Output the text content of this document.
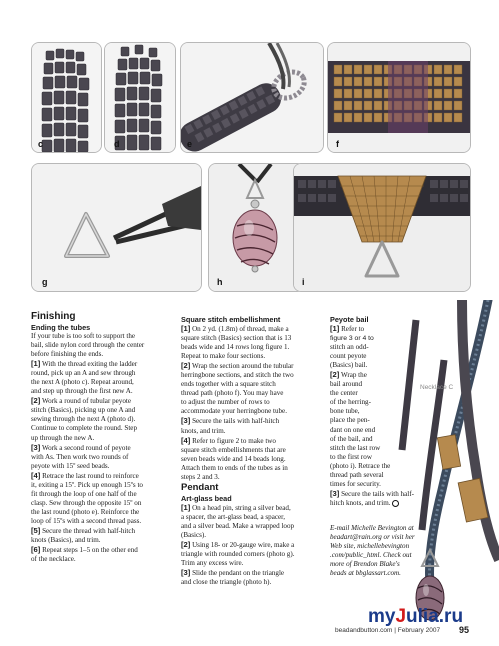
c	d	e	f
g	h	i

Finishing

Ending the tubes

If your tube is too soft to support the

bail, slide nylon cord through the center

before finishing the ends.

[1] With the thread exiting the ladder

round, pick up an A and sew through

the next A (photo c). Repeat around,

and step up through the first new A.

[2] Work a round of tubular peyote

stitch (Basics), picking up one A and

sewing through the next A (photo d).

Continue to complete the round. Step

up through the new A.

[3] Work a second round of peyote

with As. Then work two rounds of

peyote with 15º seed beads.

[4] Retrace the last round to reinforce

it, exiting a 15º. Pick up enough 15ºs to

fit through the loop of one half of the

clasp. Sew through the opposite 15º on

the last round (photo e). Reinforce the

loop of 15ºs with a second thread pass.

[5] Secure the thread with half-hitch

knots (Basics), and trim.

[6] Repeat steps 1–5 on the other end

of the necklace.

Square stitch embellishment

[1] On 2 yd. (1.8m) of thread, make a

square stitch (Basics) section that is 13

beads wide and 14 rows long figure 1.

Repeat to make four sections.

[2] Wrap the section around the tubular

herringbone sections, and stitch the two

ends together with a square stitch

thread path (photo f). You may have

to adjust the number of rows to

accommodate your herringbone tube.

[3] Secure the tails with half-hitch

knots, and trim.

[4] Refer to figure 2 to make two

square stitch embellishments that are

seven beads wide and 14 beads long.

Attach them to ends of the tubes as in

steps 2 and 3.

Pendant

Art-glass bead

[1] On a head pin, string a silver bead,

a spacer, the art-glass bead, a spacer,

and a silver bead. Make a wrapped loop

(Basics).

[2] Using 18- or 20-gauge wire, make a

triangle with rounded corners (photo g).

Trim any excess wire.

[3] Slide the pendant on the triangle

and close the triangle (photo h).

Necklace C

Peyote bail

[1] Refer to

figure 3 or 4 to

stitch an odd-

count peyote

(Basics) bail.

[2] Wrap the

bail around

the center

of the herring-

bone tube,

place the pen-

dant on one end

of the bail, and

stitch the last row

to the first row

(photo i). Retrace the

thread path several

times for security.

[3] Secure the tails with half-

hitch knots, and trim.

E-mail Michelle Bevington at

beadart@rain.org or visit her

Web site, michellebevington

.com/public_html. Check out

more of Brendon Blake's

beads at bbglassart.com.

myJulia.ru
beadandbutton.com | February 2007 95
